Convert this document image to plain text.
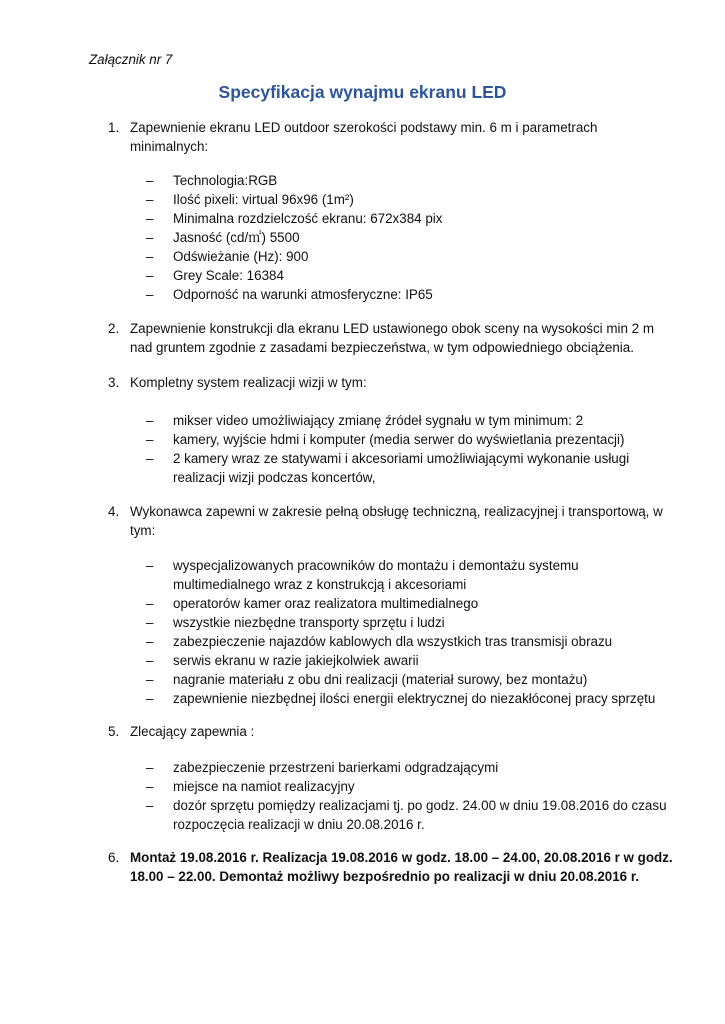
Załącznik nr 7
Specyfikacja wynajmu ekranu LED
1. Zapewnienie ekranu LED outdoor szerokości podstawy min. 6 m i parametrach minimalnych:
–	Technologia:RGB
–	Ilość pixeli: virtual 96x96 (1m²)
–	Minimalna rozdzielczość ekranu: 672x384 pix
–	Jasność (cd/㎡) 5500
–	Odświeżanie (Hz): 900
–	Grey Scale: 16384
–	Odporność na warunki atmosferyczne: IP65
2. Zapewnienie konstrukcji dla ekranu LED ustawionego obok sceny na wysokości min 2 m nad gruntem zgodnie z zasadami bezpieczeństwa, w tym odpowiedniego obciążenia.
3. Kompletny system realizacji wizji w tym:
–	mikser video umożliwiający zmianę źródeł sygnału w tym minimum: 2
–	kamery, wyjście hdmi i komputer (media serwer do wyświetlania prezentacji)
–	2 kamery wraz ze statywami i akcesoriami umożliwiającymi wykonanie usługi realizacji wizji podczas koncertów,
4. Wykonawca zapewni w zakresie pełną obsługę techniczną, realizacyjnej i transportową, w tym:
–	wyspecjalizowanych pracowników do montażu i demontażu systemu multimedialnego wraz z konstrukcją i akcesoriami
–	operatorów kamer oraz realizatora multimedialnego
–	wszystkie niezbędne transporty sprzętu i ludzi
–	zabezpieczenie najazdów kablowych dla wszystkich tras transmisji obrazu
–	serwis ekranu w razie jakiejkolwiek awarii
–	nagranie materiału z obu dni realizacji (materiał surowy, bez montażu)
–	zapewnienie niezbędnej ilości energii elektrycznej do niezakłóconej pracy sprzętu
5. Zlecający zapewnia :
–	zabezpieczenie przestrzeni barierkami odgradzającymi
–	miejsce na namiot realizacyjny
–	dozór sprzętu pomiędzy realizacjami tj. po godz. 24.00 w dniu 19.08.2016 do czasu rozpoczęcia realizacji w dniu 20.08.2016 r.
6. Montaż 19.08.2016 r. Realizacja 19.08.2016 w godz. 18.00 – 24.00, 20.08.2016 r w godz. 18.00 – 22.00. Demontaż możliwy bezpośrednio po realizacji w dniu 20.08.2016 r.
